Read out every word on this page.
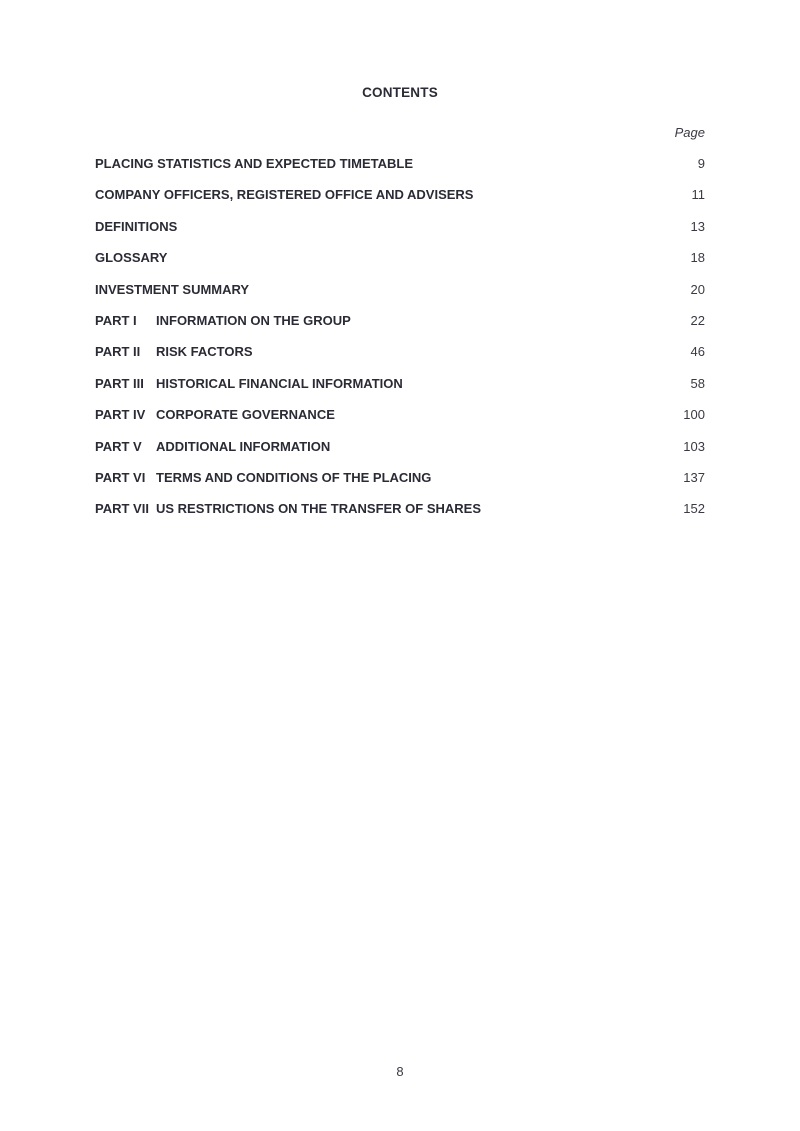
CONTENTS
Page
PLACING STATISTICS AND EXPECTED TIMETABLE	9
COMPANY OFFICERS, REGISTERED OFFICE AND ADVISERS	11
DEFINITIONS	13
GLOSSARY	18
INVESTMENT SUMMARY	20
PART I INFORMATION ON THE GROUP	22
PART II RISK FACTORS	46
PART III HISTORICAL FINANCIAL INFORMATION	58
PART IV CORPORATE GOVERNANCE	100
PART V ADDITIONAL INFORMATION	103
PART VI TERMS AND CONDITIONS OF THE PLACING	137
PART VII US RESTRICTIONS ON THE TRANSFER OF SHARES	152
8
